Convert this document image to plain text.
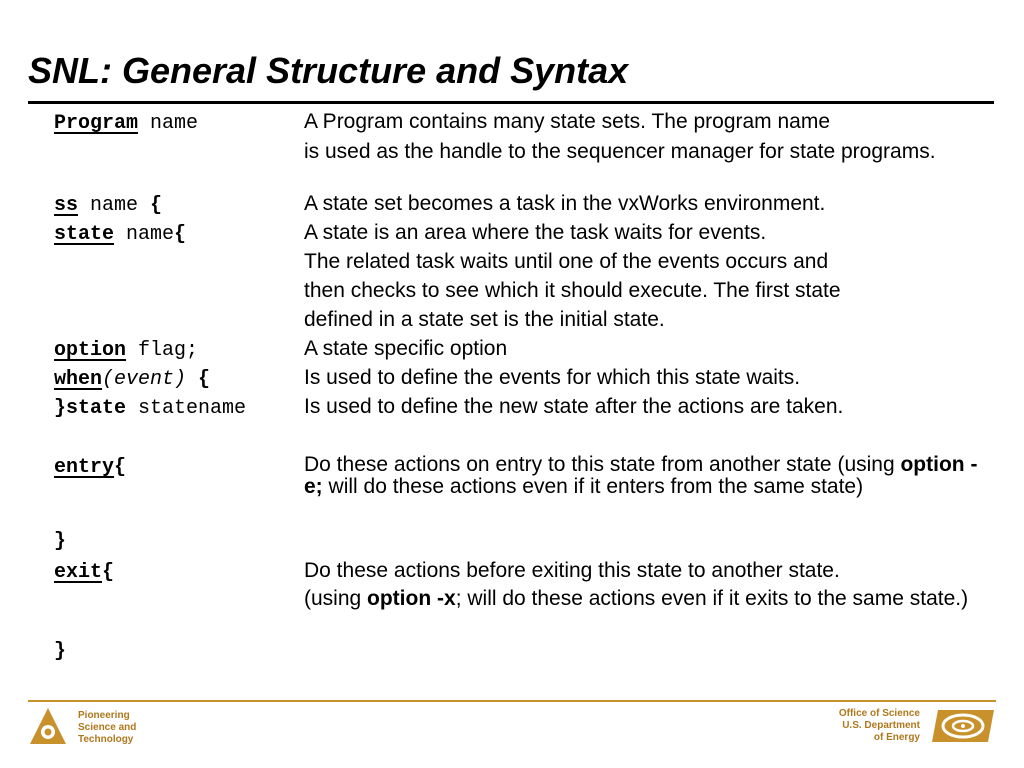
SNL: General Structure and Syntax
Program name	A Program contains many state sets. The program name
is used as the handle to the sequencer manager for state programs.
ss name {	A state set becomes a task in the vxWorks environment.
state name{	A state is an area where the task waits for events.
The related task waits until one of the events occurs and
then checks to see which it should execute. The first state
defined in a state set is the initial state.
option flag;	A state specific option
when(event) {	Is used to define the events for which this state waits.
}state statename	Is used to define the new state after the actions are taken.
entry{	Do these actions on entry to this state from another state (using option -e; will do these actions even if it enters from the same state)
}
exit{	Do these actions before exiting this state to another state.
(using option -x; will do these actions even if it exits to the same state.)
}
Pioneering
Science and
Technology
Office of Science
U.S. Department
of Energy
